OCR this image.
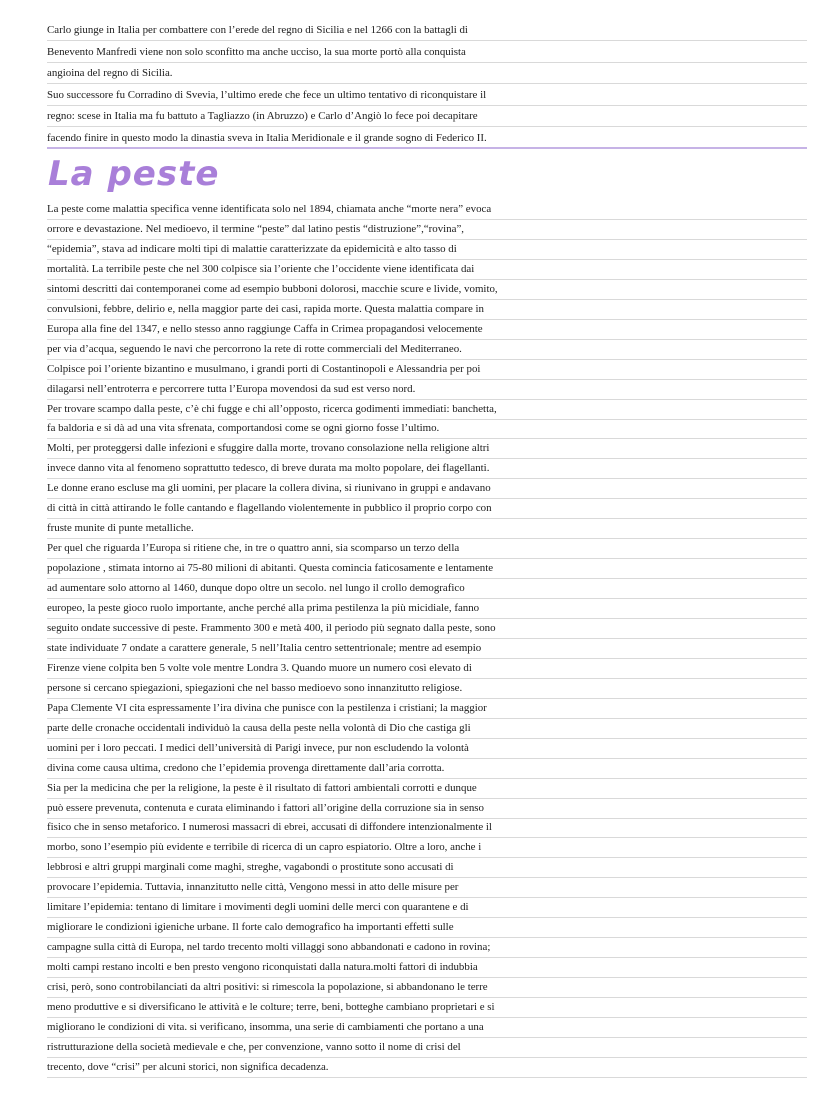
Carlo giunge in Italia per combattere con l’erede del regno di Sicilia e nel 1266 con la battagli di
Benevento Manfredi viene non solo sconfitto ma anche ucciso, la sua morte portò alla conquista
angioina del regno di Sicilia.
Suo successore fu Corradino di Svevia, l’ultimo erede che fece un ultimo tentativo di riconquistare il
regno: scese in Italia ma fu battuto a Tagliazzo (in Abruzzo) e Carlo d’Angiò lo fece poi decapitare
facendo finire in questo modo la dinastia sveva in Italia Meridionale e il grande sogno di Federico II.
La peste
La peste come malattia specifica venne identificata solo nel 1894, chiamata anche “morte nera” evoca
orrore e devastazione. Nel medioevo, il termine “peste” dal latino pestis “distruzione”,“rovina”,
“epidemia”, stava ad indicare molti tipi di malattie caratterizzate da epidemicità e alto tasso di
mortalità. La terribile peste che nel 300 colpisce sia l’oriente che l’occidente viene identificata dai
sintomi descritti dai contemporanei come ad esempio bubboni dolorosi, macchie scure e livide, vomito,
convulsioni, febbre, delirio e, nella maggior parte dei casi, rapida morte. Questa malattia compare in
Europa alla fine del 1347, e nello stesso anno raggiunge Caffa in Crimea propagandosi velocemente
per via d’acqua, seguendo le navi che percorrono la rete di rotte commerciali del Mediterraneo.
Colpisce poi l’oriente bizantino e musulmano, i grandi porti di Costantinopoli e Alessandria per poi
dilagarsi nell’entroterra e percorrere tutta l’Europa movendosi da sud est verso nord.
Per trovare scampo dalla peste, c’è chi fugge e chi all’opposto, ricerca godimenti immediati: banchetta,
fa baldoria e si dà ad una vita sfrenata, comportandosi come se ogni giorno fosse l’ultimo.
Molti, per proteggersi dalle infezioni e sfuggire dalla morte, trovano consolazione nella religione altri
invece danno vita al fenomeno soprattutto tedesco, di breve durata ma molto popolare, dei flagellanti.
Le donne erano escluse ma gli uomini, per placare la collera divina, si riunivano in gruppi e andavano
di città in città attirando le folle cantando e flagellando violentemente in pubblico il proprio corpo con
fruste munite di punte metalliche.
Per quel che riguarda l’Europa si ritiene che, in tre o quattro anni, sia scomparso un terzo della
popolazione , stimata intorno ai 75-80 milioni di abitanti. Questa comincia faticosamente e lentamente
ad aumentare solo attorno al 1460, dunque dopo oltre un secolo. nel lungo il crollo demografico
europeo, la peste gioco ruolo importante, anche perché alla prima pestilenza la più micidiale, fanno
seguito ondate successive di peste. Frammento 300 e metà 400, il periodo più segnato dalla peste, sono
state individuate 7 ondate a carattere generale, 5 nell’Italia centro settentrionale; mentre ad esempio
Firenze viene colpita ben 5 volte vole mentre Londra 3. Quando muore un numero così elevato di
persone si cercano spiegazioni, spiegazioni che nel basso medioevo sono innanzitutto religiose.
Papa Clemente VI cita espressamente l’ira divina che punisce con la pestilenza i cristiani; la maggior
parte delle cronache occidentali individuò la causa della peste nella volontà di Dio che castiga gli
uomini per i loro peccati. I medici dell’università di Parigi invece, pur non escludendo la volontà
divina come causa ultima, credono che l’epidemia provenga direttamente dall’aria corrotta.
Sia per la medicina che per la religione, la peste è il risultato di fattori ambientali corrotti e dunque
può essere prevenuta, contenuta e curata eliminando i fattori all’origine della corruzione sia in senso
fisico che in senso metaforico. I numerosi massacri di ebrei, accusati di diffondere intenzionalmente il
morbo, sono l’esempio più evidente e terribile di ricerca di un capro espiatorio. Oltre a loro, anche i
lebbrosi e altri gruppi marginali come maghi, streghe, vagabondi o prostitute sono accusati di
provocare l’epidemia. Tuttavia, innanzitutto nelle città, Vengono messi in atto delle misure per
limitare l’epidemia: tentano di limitare i movimenti degli uomini delle merci con quarantene e di
migliorare le condizioni igieniche urbane. Il forte calo demografico ha importanti effetti sulle
campagne sulla città di Europa, nel tardo trecento molti villaggi sono abbandonati e cadono in rovina;
molti campi restano incolti e ben presto vengono riconquistati dalla natura.molti fattori di indubbia
crisi, però, sono controbilanciati da altri positivi: si rimescola la popolazione, si abbandonano le terre
meno produttive e si diversificano le attività e le colture; terre, beni, botteghe cambiano proprietari e si
migliorano le condizioni di vita. si verificano, insomma, una serie di cambiamenti che portano a una
ristrutturazione della società medievale e che, per convenzione, vanno sotto il nome di crisi del
trecento, dove “crisi” per alcuni storici, non significa decadenza.
